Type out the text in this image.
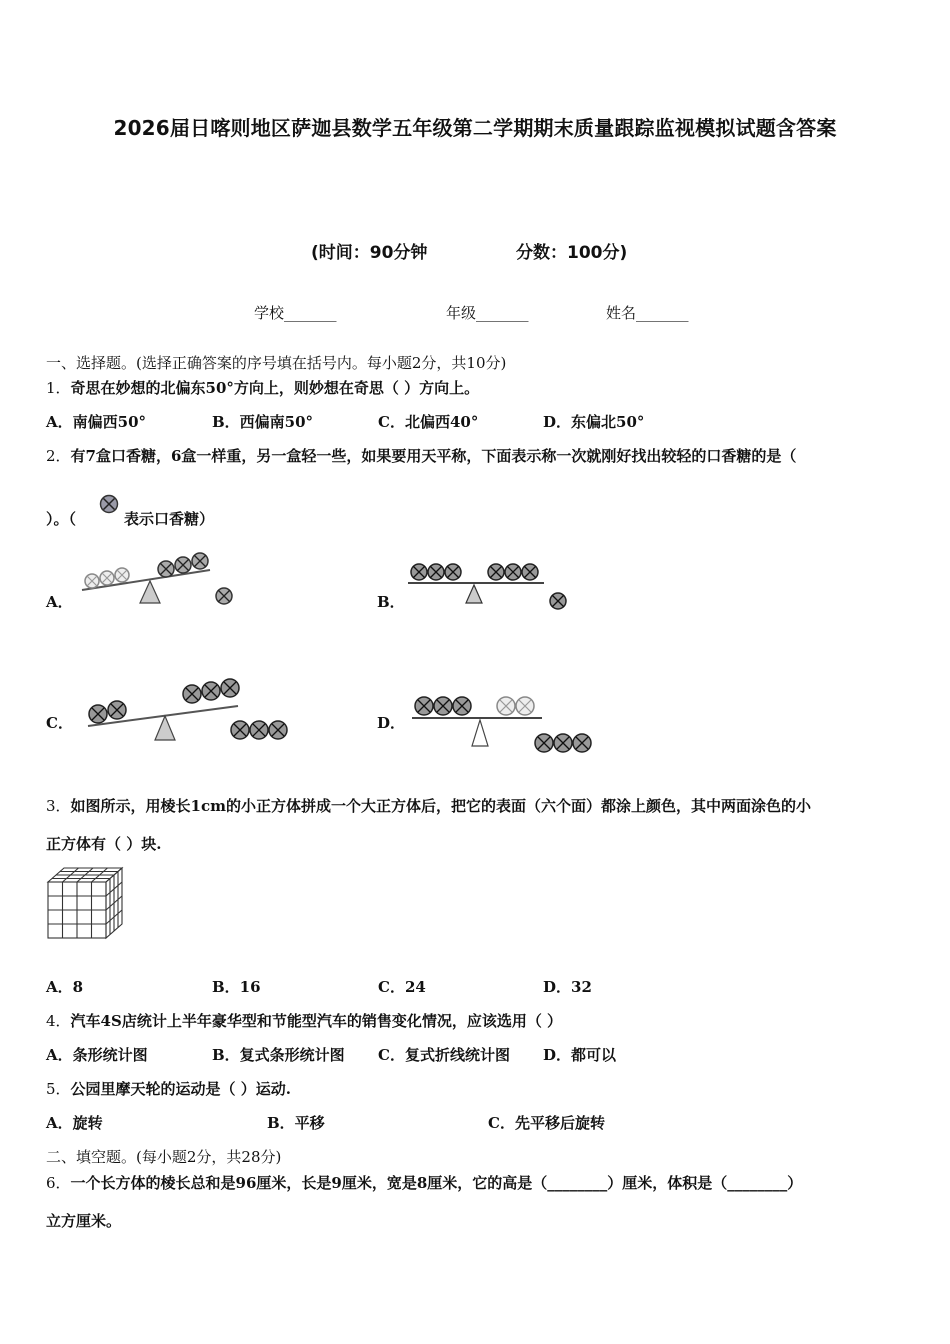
2026届日喀则地区萨迦县数学五年级第二学期期末质量跟踪监视模拟试题含答案
(时间：90分钟	分数：100分)
学校_______	年级_______	姓名_______
一、选择题。(选择正确答案的序号填在括号内。每小题2分，共10分)
1．奇思在妙想的北偏东50°方向上，则妙想在奇思（ ）方向上。
A．南偏西50°	B．西偏南50°	C．北偏西40°	D．东偏北50°
2．有7盒口香糖，6盒一样重，另一盒轻一些，如果要用天平称，下面表示称一次就刚好找出较轻的口香糖的是（
）。（	表示口香糖）
A．	B．
C．	D．
3．如图所示，用棱长1cm的小正方体拼成一个大正方体后，把它的表面（六个面）都涂上颜色，其中两面涂色的小
正方体有（ ）块.
A．8	B．16	C．24	D．32
4．汽车4S店统计上半年豪华型和节能型汽车的销售变化情况，应该选用（ ）
A．条形统计图	B．复式条形统计图 C．复式折线统计图 D．都可以
5．公园里摩天轮的运动是（ ）运动.
A．旋转	B．平移	C．先平移后旋转
二、填空题。(每小题2分，共28分)
6．一个长方体的棱长总和是96厘米，长是9厘米，宽是8厘米，它的高是（________）厘米，体积是（________）
立方厘米。
